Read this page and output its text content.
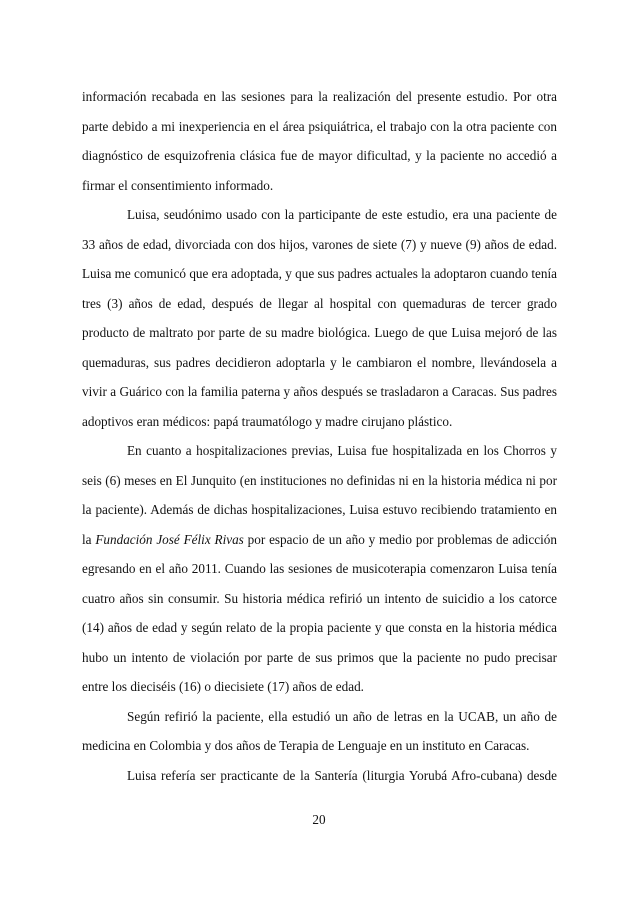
información recabada en las sesiones para la realización del presente estudio. Por otra parte debido a mi inexperiencia en el área psiquiátrica, el trabajo con la otra paciente con diagnóstico de esquizofrenia clásica fue de mayor dificultad, y la paciente no accedió a firmar el consentimiento informado.

Luisa, seudónimo usado con la participante de este estudio, era una paciente de 33 años de edad, divorciada con dos hijos, varones de siete (7) y nueve (9) años de edad. Luisa me comunicó que era adoptada, y que sus padres actuales la adoptaron cuando tenía tres (3) años de edad, después de llegar al hospital con quemaduras de tercer grado producto de maltrato por parte de su madre biológica. Luego de que Luisa mejoró de las quemaduras, sus padres decidieron adoptarla y le cambiaron el nombre, llevándosela a vivir a Guárico con la familia paterna y años después se trasladaron a Caracas. Sus padres adoptivos eran médicos: papá traumatólogo y madre cirujano plástico.

En cuanto a hospitalizaciones previas, Luisa fue hospitalizada en los Chorros y seis (6) meses en El Junquito (en instituciones no definidas ni en la historia médica ni por la paciente). Además de dichas hospitalizaciones, Luisa estuvo recibiendo tratamiento en la Fundación José Félix Rivas por espacio de un año y medio por problemas de adicción egresando en el año 2011. Cuando las sesiones de musicoterapia comenzaron Luisa tenía cuatro años sin consumir. Su historia médica refirió un intento de suicidio a los catorce (14) años de edad y según relato de la propia paciente y que consta en la historia médica hubo un intento de violación por parte de sus primos que la paciente no pudo precisar entre los dieciséis (16) o diecisiete (17) años de edad.

Según refirió la paciente, ella estudió un año de letras en la UCAB, un año de medicina en Colombia y dos años de Terapia de Lenguaje en un instituto en Caracas.

Luisa refería ser practicante de la Santería (liturgia Yorubá Afro-cubana) desde

20
